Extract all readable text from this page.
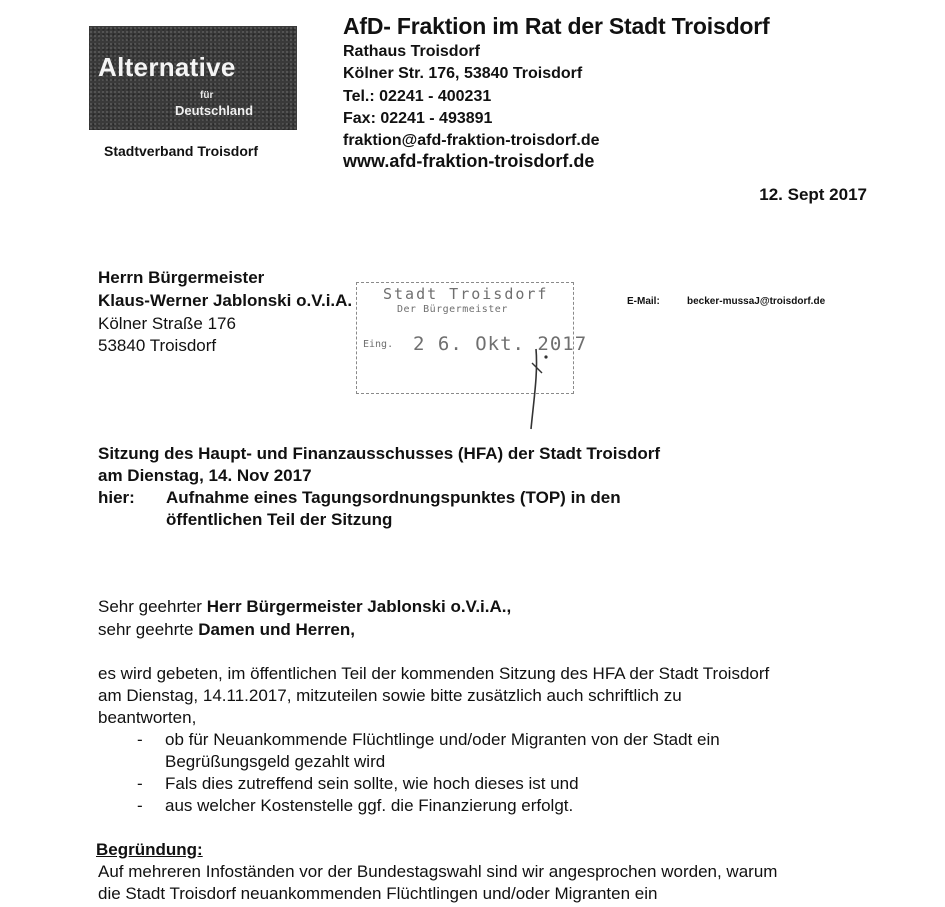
Alternative
für
Deutschland
Stadtverband Troisdorf
AfD- Fraktion im Rat der Stadt Troisdorf
Rathaus Troisdorf
Kölner Str. 176, 53840 Troisdorf
Tel.: 02241 - 400231
Fax: 02241 - 493891
fraktion@afd-fraktion-troisdorf.de
www.afd-fraktion-troisdorf.de
12. Sept 2017
Herrn Bürgermeister
Klaus-Werner Jablonski o.V.i.A.
Kölner Straße 176
53840 Troisdorf
E-Mail:	becker-mussaJ@troisdorf.de
Stadt Troisdorf
Der Bürgermeister
Eing. 2 6. Okt. 2017
Sitzung des Haupt- und Finanzausschusses (HFA) der Stadt Troisdorf
am Dienstag, 14. Nov 2017
hier: Aufnahme eines Tagungsordnungspunktes (TOP) in den
öffentlichen Teil der Sitzung
Sehr geehrter Herr Bürgermeister Jablonski o.V.i.A.,
sehr geehrte Damen und Herren,
es wird gebeten, im öffentlichen Teil der kommenden Sitzung des HFA der Stadt Troisdorf
am Dienstag, 14.11.2017, mitzuteilen sowie bitte zusätzlich auch schriftlich zu
beantworten,
- ob für Neuankommende Flüchtlinge und/oder Migranten von der Stadt ein
Begrüßungsgeld gezahlt wird
- Fals dies zutreffend sein sollte, wie hoch dieses ist und
- aus welcher Kostenstelle ggf. die Finanzierung erfolgt.
Begründung:
Auf mehreren Infoständen vor der Bundestagswahl sind wir angesprochen worden, warum
die Stadt Troisdorf neuankommenden Flüchtlingen und/oder Migranten ein
